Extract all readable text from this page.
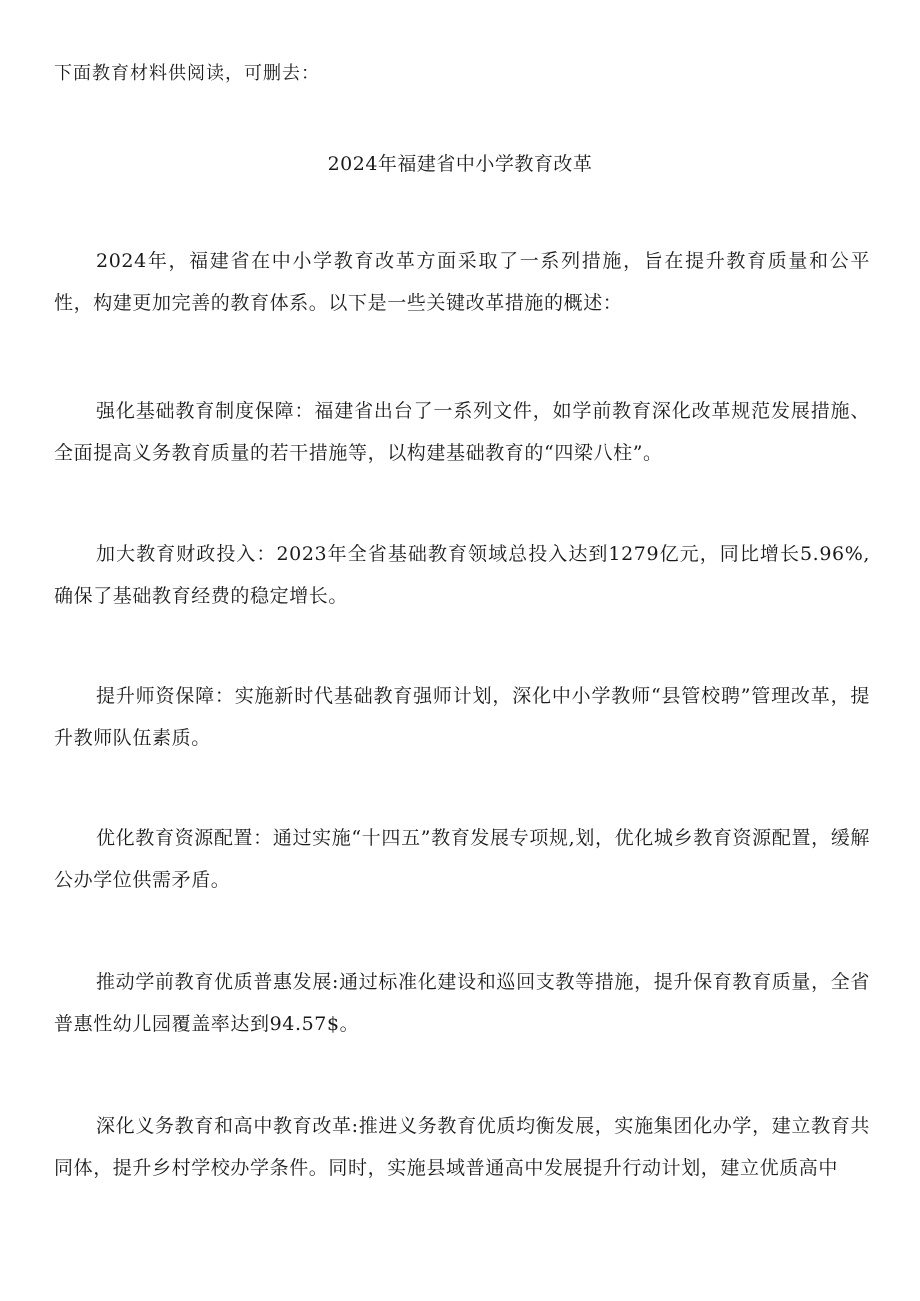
下面教育材料供阅读，可删去：
2024年福建省中小学教育改革

2024年，福建省在中小学教育改革方面采取了一系列措施，旨在提升教育质量和公平性，构建更加完善的教育体系。以下是一些关键改革措施的概述：

强化基础教育制度保障：福建省出台了一系列文件，如学前教育深化改革规范发展措施、全面提高义务教育质量的若干措施等，以构建基础教育的“四梁八柱”。

加大教育财政投入：2023年全省基础教育领域总投入达到1279亿元，同比增长5.96%,确保了基础教育经费的稳定增长。

提升师资保障：实施新时代基础教育强师计划，深化中小学教师“县管校聘”管理改革，提升教师队伍素质。

优化教育资源配置：通过实施“十四五”教育发展专项规,划，优化城乡教育资源配置，缓解公办学位供需矛盾。

推动学前教育优质普惠发展:通过标准化建设和巡回支教等措施，提升保育教育质量，全省普惠性幼儿园覆盖率达到94.57$。

深化义务教育和高中教育改革:推进义务教育优质均衡发展，实施集团化办学，建立教育共同体，提升乡村学校办学条件。同时，实施县域普通高中发展提升行动计划，建立优质高中
